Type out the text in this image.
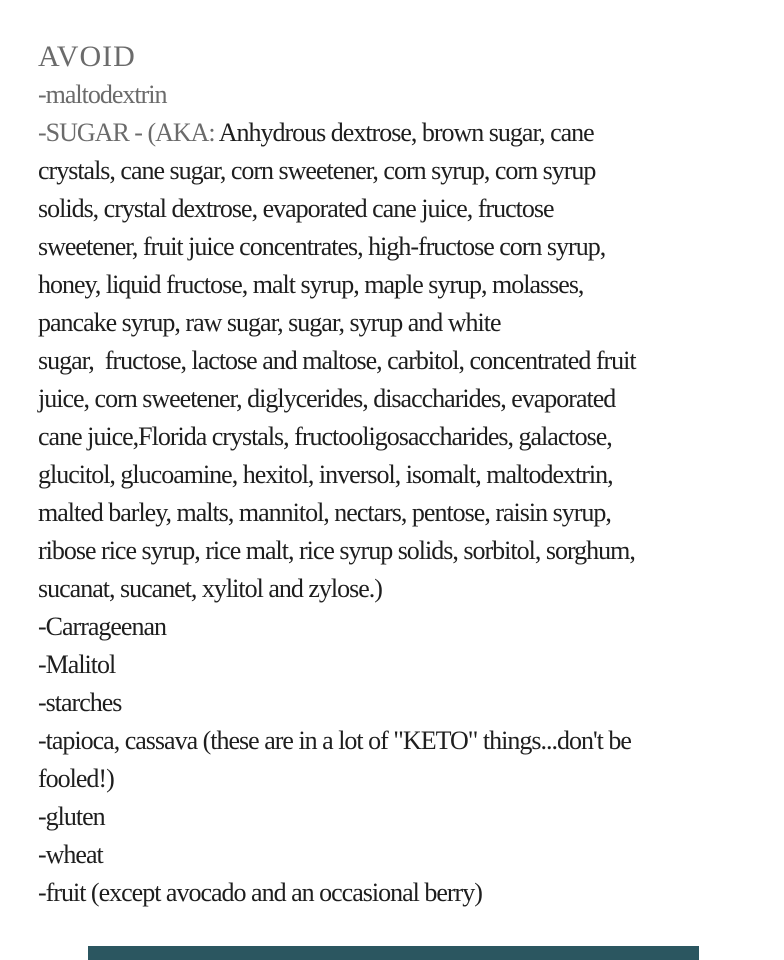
AVOID
-maltodextrin
-SUGAR - (AKA: Anhydrous dextrose, brown sugar, cane
crystals, cane sugar, corn sweetener, corn syrup, corn syrup
solids, crystal dextrose, evaporated cane juice, fructose
sweetener, fruit juice concentrates, high-fructose corn syrup,
honey, liquid fructose, malt syrup, maple syrup, molasses,
pancake syrup, raw sugar, sugar, syrup and white
sugar,  fructose, lactose and maltose, carbitol, concentrated fruit
juice, corn sweetener, diglycerides, disaccharides, evaporated
cane juice,Florida crystals, fructooligosaccharides, galactose,
glucitol, glucoamine, hexitol, inversol, isomalt, maltodextrin,
malted barley, malts, mannitol, nectars, pentose, raisin syrup,
ribose rice syrup, rice malt, rice syrup solids, sorbitol, sorghum,
sucanat, sucanet, xylitol and zylose.)
-Carrageenan
-Malitol
-starches
-tapioca, cassava (these are in a lot of "KETO" things...don't be
fooled!)
-gluten
-wheat
-fruit (except avocado and an occasional berry)
